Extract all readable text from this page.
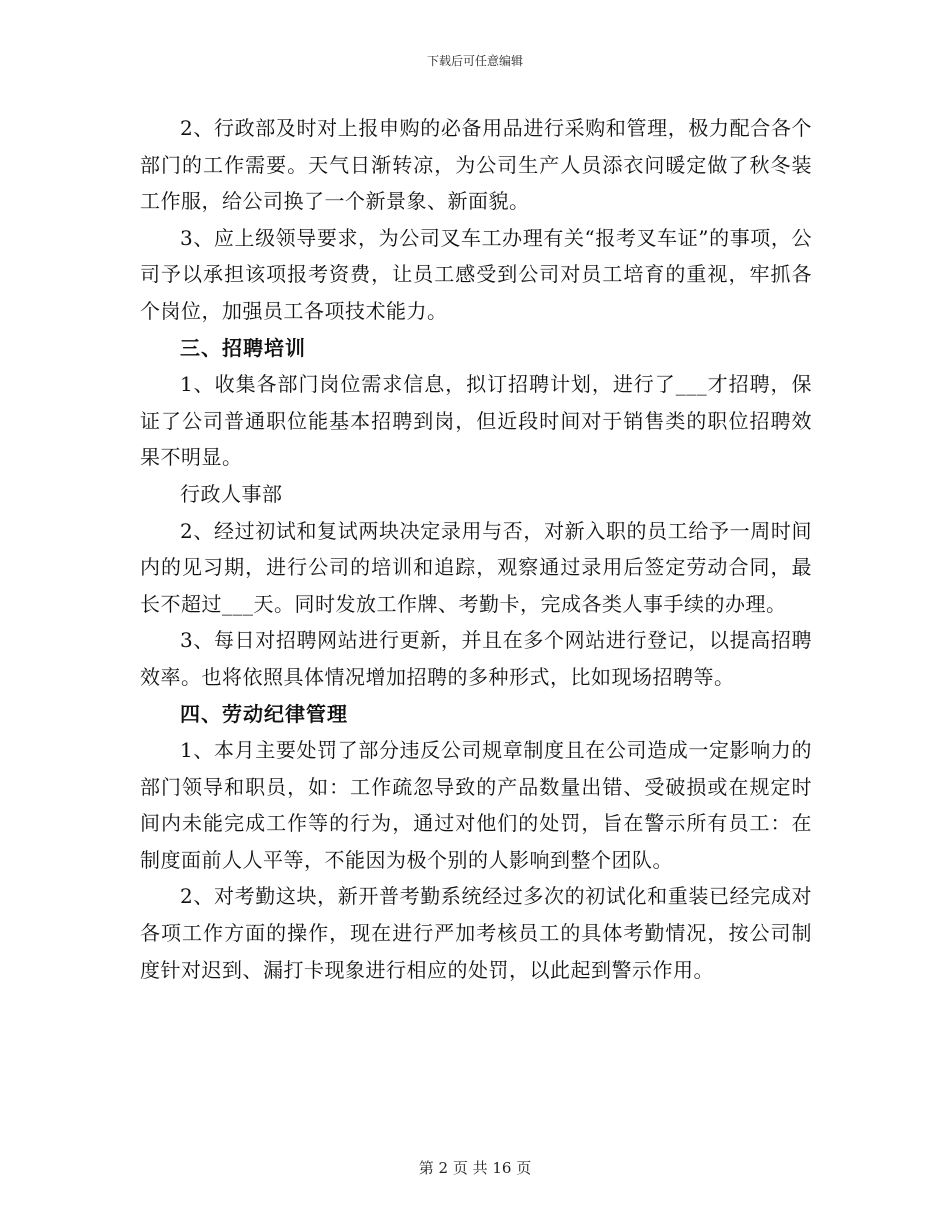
下载后可任意编辑

2、行政部及时对上报申购的必备用品进行采购和管理，极力配合各个部门的工作需要。天气日渐转凉，为公司生产人员添衣问暖定做了秋冬装工作服，给公司换了一个新景象、新面貌。

3、应上级领导要求，为公司叉车工办理有关“报考叉车证”的事项，公司予以承担该项报考资费，让员工感受到公司对员工培育的重视，牢抓各个岗位，加强员工各项技术能力。

三、招聘培训

1、收集各部门岗位需求信息，拟订招聘计划，进行了___才招聘，保证了公司普通职位能基本招聘到岗，但近段时间对于销售类的职位招聘效果不明显。

行政人事部

2、经过初试和复试两块决定录用与否，对新入职的员工给予一周时间内的见习期，进行公司的培训和追踪，观察通过录用后签定劳动合同，最长不超过___天。同时发放工作牌、考勤卡，完成各类人事手续的办理。

3、每日对招聘网站进行更新，并且在多个网站进行登记，以提高招聘效率。也将依照具体情况增加招聘的多种形式，比如现场招聘等。

四、劳动纪律管理

1、本月主要处罚了部分违反公司规章制度且在公司造成一定影响力的部门领导和职员，如：工作疏忽导致的产品数量出错、受破损或在规定时间内未能完成工作等的行为，通过对他们的处罚，旨在警示所有员工：在制度面前人人平等，不能因为极个别的人影响到整个团队。

2、对考勤这块，新开普考勤系统经过多次的初试化和重装已经完成对各项工作方面的操作，现在进行严加考核员工的具体考勤情况，按公司制度针对迟到、漏打卡现象进行相应的处罚，以此起到警示作用。

第 2 页 共 16 页
